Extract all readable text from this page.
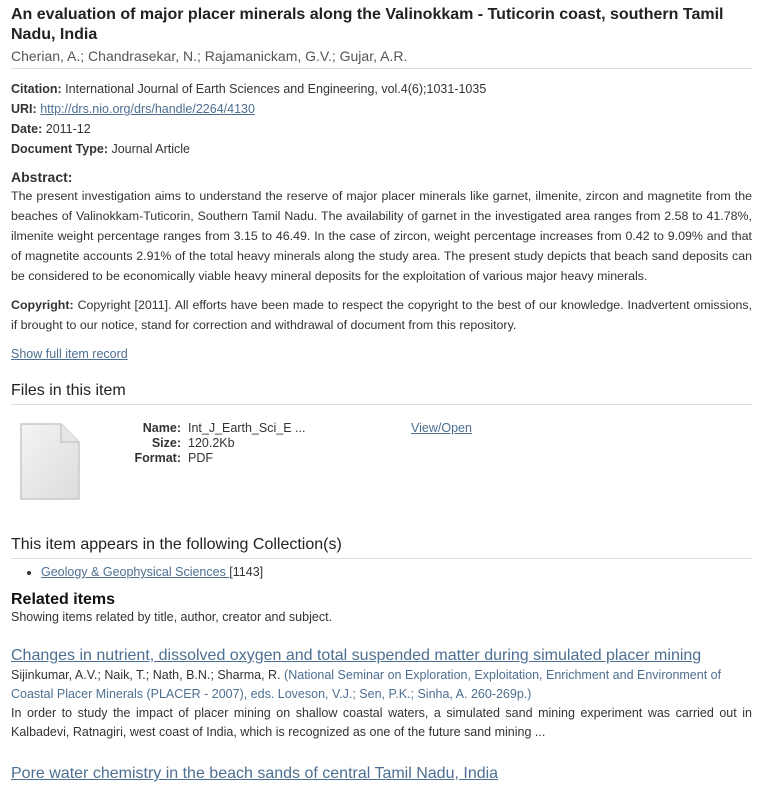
An evaluation of major placer minerals along the Valinokkam - Tuticorin coast, southern Tamil Nadu, India
Cherian, A.; Chandrasekar, N.; Rajamanickam, G.V.; Gujar, A.R.
Citation: International Journal of Earth Sciences and Engineering, vol.4(6);1031-1035
URI: http://drs.nio.org/drs/handle/2264/4130
Date: 2011-12
Document Type: Journal Article
Abstract:
The present investigation aims to understand the reserve of major placer minerals like garnet, ilmenite, zircon and magnetite from the beaches of Valinokkam-Tuticorin, Southern Tamil Nadu. The availability of garnet in the investigated area ranges from 2.58 to 41.78%, ilmenite weight percentage ranges from 3.15 to 46.49. In the case of zircon, weight percentage increases from 0.42 to 9.09% and that of magnetite accounts 2.91% of the total heavy minerals along the study area. The present study depicts that beach sand deposits can be considered to be economically viable heavy mineral deposits for the exploitation of various major heavy minerals.
Copyright: Copyright [2011]. All efforts have been made to respect the copyright to the best of our knowledge. Inadvertent omissions, if brought to our notice, stand for correction and withdrawal of document from this repository.
Show full item record
Files in this item
Name:
Size:
Format:
Int_J_Earth_Sci_E ...
120.2Kb
PDF
View/Open
This item appears in the following Collection(s)
• Geology & Geophysical Sciences [1143]
Related items
Showing items related by title, author, creator and subject.
Changes in nutrient, dissolved oxygen and total suspended matter during simulated placer mining
Sijinkumar, A.V.; Naik, T.; Nath, B.N.; Sharma, R. (National Seminar on Exploration, Exploitation, Enrichment and Environment of Coastal Placer Minerals (PLACER - 2007), eds. Loveson, V.J.; Sen, P.K.; Sinha, A. 260-269p.)
In order to study the impact of placer mining on shallow coastal waters, a simulated sand mining experiment was carried out in Kalbadevi, Ratnagiri, west coast of India, which is recognized as one of the future sand mining ...
Pore water chemistry in the beach sands of central Tamil Nadu, India
